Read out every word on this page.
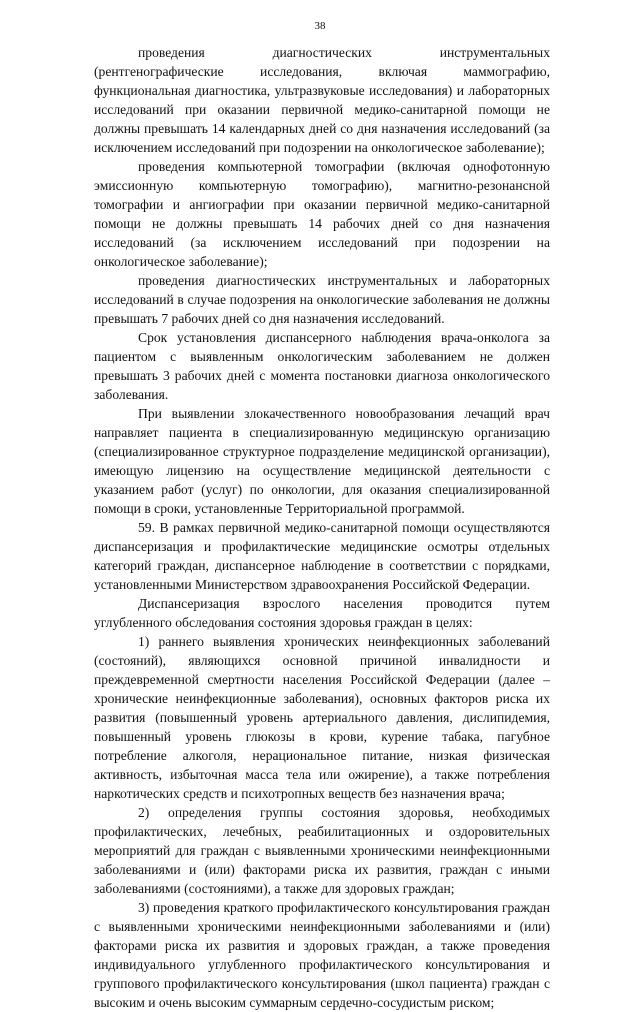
38

проведения диагностических инструментальных (рентгенографические исследования, включая маммографию, функциональная диагностика, ультразвуковые исследования) и лабораторных исследований при оказании первичной медико-санитарной помощи не должны превышать 14 календарных дней со дня назначения исследований (за исключением исследований при подозрении на онкологическое заболевание);

проведения компьютерной томографии (включая однофотонную эмиссионную компьютерную томографию), магнитно-резонансной томографии и ангиографии при оказании первичной медико-санитарной помощи не должны превышать 14 рабочих дней со дня назначения исследований (за исключением исследований при подозрении на онкологическое заболевание);

проведения диагностических инструментальных и лабораторных исследований в случае подозрения на онкологические заболевания не должны превышать 7 рабочих дней со дня назначения исследований.

Срок установления диспансерного наблюдения врача-онколога за пациентом с выявленным онкологическим заболеванием не должен превышать 3 рабочих дней с момента постановки диагноза онкологического заболевания.

При выявлении злокачественного новообразования лечащий врач направляет пациента в специализированную медицинскую организацию (специализированное структурное подразделение медицинской организации), имеющую лицензию на осуществление медицинской деятельности с указанием работ (услуг) по онкологии, для оказания специализированной помощи в сроки, установленные Территориальной программой.

59. В рамках первичной медико-санитарной помощи осуществляются диспансеризация и профилактические медицинские осмотры отдельных категорий граждан, диспансерное наблюдение в соответствии с порядками, установленными Министерством здравоохранения Российской Федерации.

Диспансеризация взрослого населения проводится путем углубленного обследования состояния здоровья граждан в целях:

1) раннего выявления хронических неинфекционных заболеваний (состояний), являющихся основной причиной инвалидности и преждевременной смертности населения Российской Федерации (далее – хронические неинфекционные заболевания), основных факторов риска их развития (повышенный уровень артериального давления, дислипидемия, повышенный уровень глюкозы в крови, курение табака, пагубное потребление алкоголя, нерациональное питание, низкая физическая активность, избыточная масса тела или ожирение), а также потребления наркотических средств и психотропных веществ без назначения врача;

2) определения группы состояния здоровья, необходимых профилактических, лечебных, реабилитационных и оздоровительных мероприятий для граждан с выявленными хроническими неинфекционными заболеваниями и (или) факторами риска их развития, граждан с иными заболеваниями (состояниями), а также для здоровых граждан;

3) проведения краткого профилактического консультирования граждан с выявленными хроническими неинфекционными заболеваниями и (или) факторами риска их развития и здоровых граждан, а также проведения индивидуального углубленного профилактического консультирования и группового профилактического консультирования (школ пациента) граждан с высоким и очень высоким суммарным сердечно-сосудистым риском;
